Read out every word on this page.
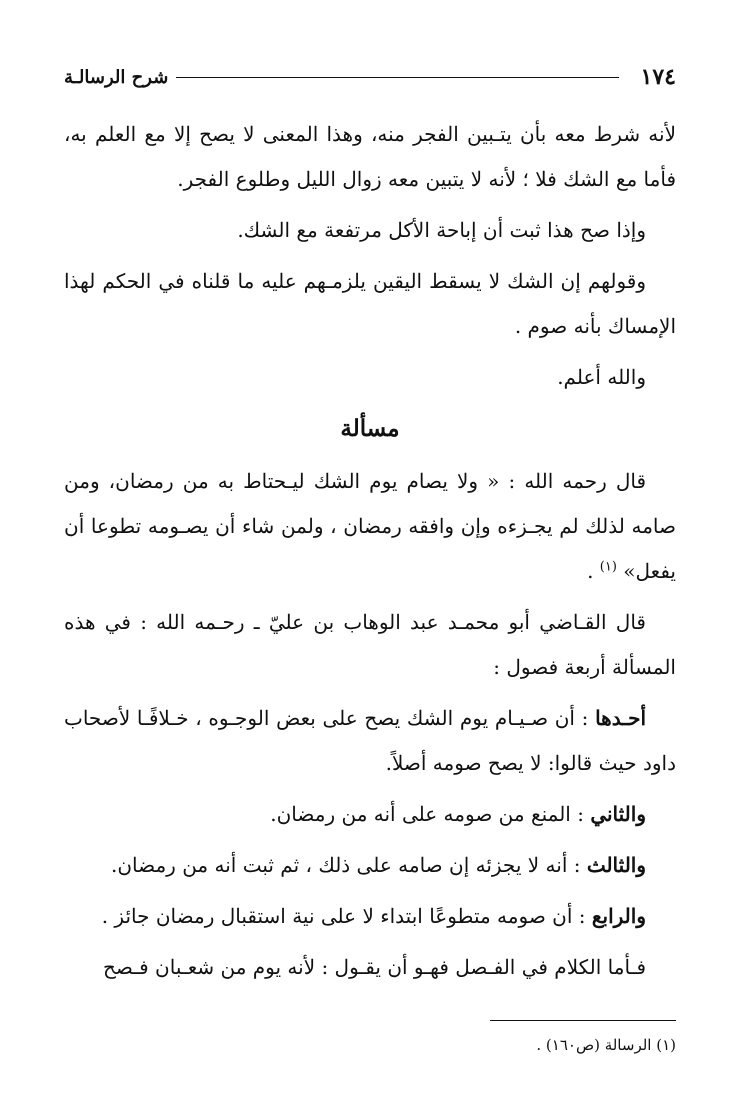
١٧٤
شرح الرسالـة

لأنه شرط معه بأن يتـبين الفجر منه، وهذا المعنى لا يصح إلا مع العلم به، فأما مع الشك فلا ؛ لأنه لا يتبين معه زوال الليل وطلوع الفجر.

وإذا صح هذا ثبت أن إباحة الأكل مرتفعة مع الشك.

وقولهم إن الشك لا يسقط اليقين يلزمـهم عليه ما قلناه في الحكم لهذا الإمساك بأنه صوم .

والله أعلم.

مسألة

قال رحمه الله : « ولا يصام يوم الشك ليـحتاط به من رمضان، ومن صامه لذلك لم يجـزءه وإن وافقه رمضان ، ولمن شاء أن يصـومه تطوعا أن يفعل» $^{(١)}$ .

قال القـاضي أبو محمـد عبد الوهاب بن عليّ ـ رحـمه الله : في هذه المسألة أربعة فصول :

أحـدها : أن صـيـام يوم الشك يصح على بعض الوجـوه ، خـلافًـا لأصحاب داود حيث قالوا: لا يصح صومه أصلاً.

والثاني : المنع من صومه على أنه من رمضان.

والثالث : أنه لا يجزئه إن صامه على ذلك ، ثم ثبت أنه من رمضان.

والرابع : أن صومه متطوعًا ابتداء لا على نية استقبال رمضان جائز .

فـأما الكلام في الفـصل فهـو أن يقـول : لأنه يوم من شعـبان فـصح

(١) الرسالة (ص١٦٠) .
